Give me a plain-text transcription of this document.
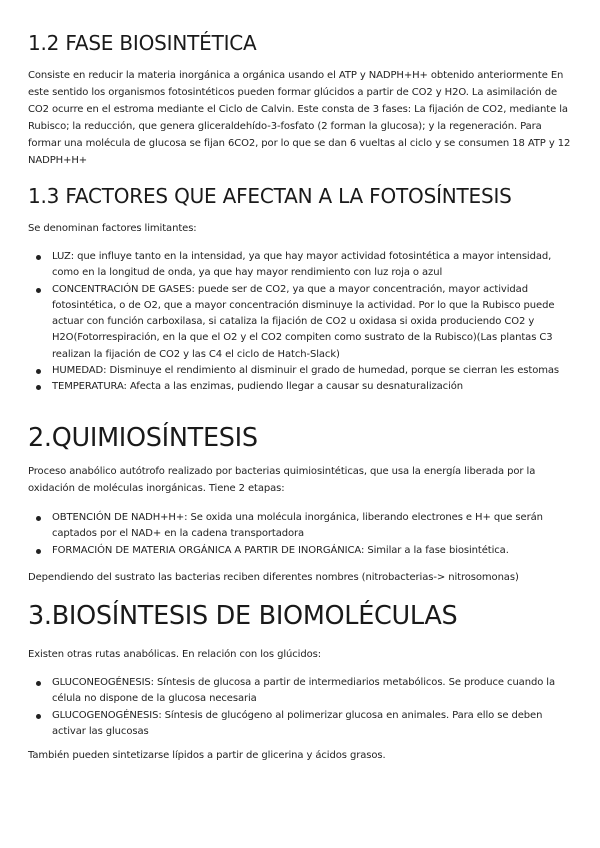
1.2 FASE BIOSINTÉTICA

Consiste en reducir la materia inorgánica a orgánica usando el ATP y NADPH+H+ obtenido anteriormente En este sentido los organismos fotosintéticos pueden formar glúcidos a partir de CO2 y H2O. La asimilación de CO2 ocurre en el estroma mediante el Ciclo de Calvin. Este consta de 3 fases: La fijación de CO2, mediante la Rubisco; la reducción, que genera gliceraldehído-3-fosfato (2 forman la glucosa); y la regeneración. Para formar una molécula de glucosa se fijan 6CO2, por lo que se dan 6 vueltas al ciclo y se consumen 18 ATP y 12 NADPH+H+

1.3 FACTORES QUE AFECTAN A LA FOTOSÍNTESIS

Se denominan factores limitantes:

LUZ: que influye tanto en la intensidad, ya que hay mayor actividad fotosintética a mayor intensidad, como en la longitud de onda, ya que hay mayor rendimiento con luz roja o azul
CONCENTRACIÓN DE GASES: puede ser de CO2, ya que a mayor concentración, mayor actividad fotosintética, o de O2, que a mayor concentración disminuye la actividad. Por lo que la Rubisco puede actuar con función carboxilasa, si cataliza la fijación de CO2 u oxidasa si oxida produciendo CO2 y H2O(Fotorrespiración, en la que el O2 y el CO2 compiten como sustrato de la Rubisco)(Las plantas C3 realizan la fijación de CO2 y las C4 el ciclo de Hatch-Slack)
HUMEDAD: Disminuye el rendimiento al disminuir el grado de humedad, porque se cierran les estomas
TEMPERATURA: Afecta a las enzimas, pudiendo llegar a causar su desnaturalización
2.QUIMIOSÍNTESIS

Proceso anabólico autótrofo realizado por bacterias quimiosintéticas, que usa la energía liberada por la oxidación de moléculas inorgánicas. Tiene 2 etapas:

OBTENCIÓN DE NADH+H+: Se oxida una molécula inorgánica, liberando electrones e H+ que serán captados por el NAD+ en la cadena transportadora
FORMACIÓN DE MATERIA ORGÁNICA A PARTIR DE INORGÁNICA: Similar a la fase biosintética.

Dependiendo del sustrato las bacterias reciben diferentes nombres (nitrobacterias-> nitrosomonas)

3.BIOSÍNTESIS DE BIOMOLÉCULAS

Existen otras rutas anabólicas. En relación con los glúcidos:

GLUCONEOGÉNESIS: Síntesis de glucosa a partir de intermediarios metabólicos. Se produce cuando la célula no dispone de la glucosa necesaria
GLUCOGENOGÉNESIS: Síntesis de glucógeno al polimerizar glucosa en animales. Para ello se deben activar las glucosas

También pueden sintetizarse lípidos a partir de glicerina y ácidos grasos.
